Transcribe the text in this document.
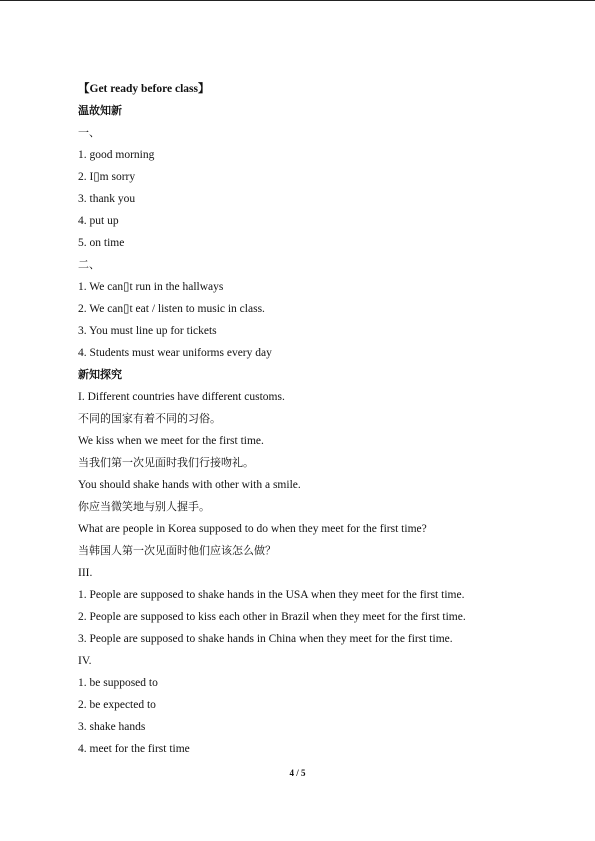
【Get ready before class】
温故知新
一、
1. good morning
2. I▯m sorry
3. thank you
4. put up
5. on time
二、
1. We can▯t run in the hallways
2. We can▯t eat / listen to music in class.
3. You must line up for tickets
4. Students must wear uniforms every day
新知探究
I. Different countries have different customs.
不同的国家有着不同的习俗。
We kiss when we meet for the first time.
当我们第一次见面时我们行接吻礼。
You should shake hands with other with a smile.
你应当微笑地与别人握手。
What are people in Korea supposed to do when they meet for the first time?
当韩国人第一次见面时他们应该怎么做？
III.
1. People are supposed to shake hands in the USA when they meet for the first time.
2. People are supposed to kiss each other in Brazil when they meet for the first time.
3. People are supposed to shake hands in China when they meet for the first time.
IV.
1. be supposed to
2. be expected to
3. shake hands
4. meet for the first time
4 / 5
